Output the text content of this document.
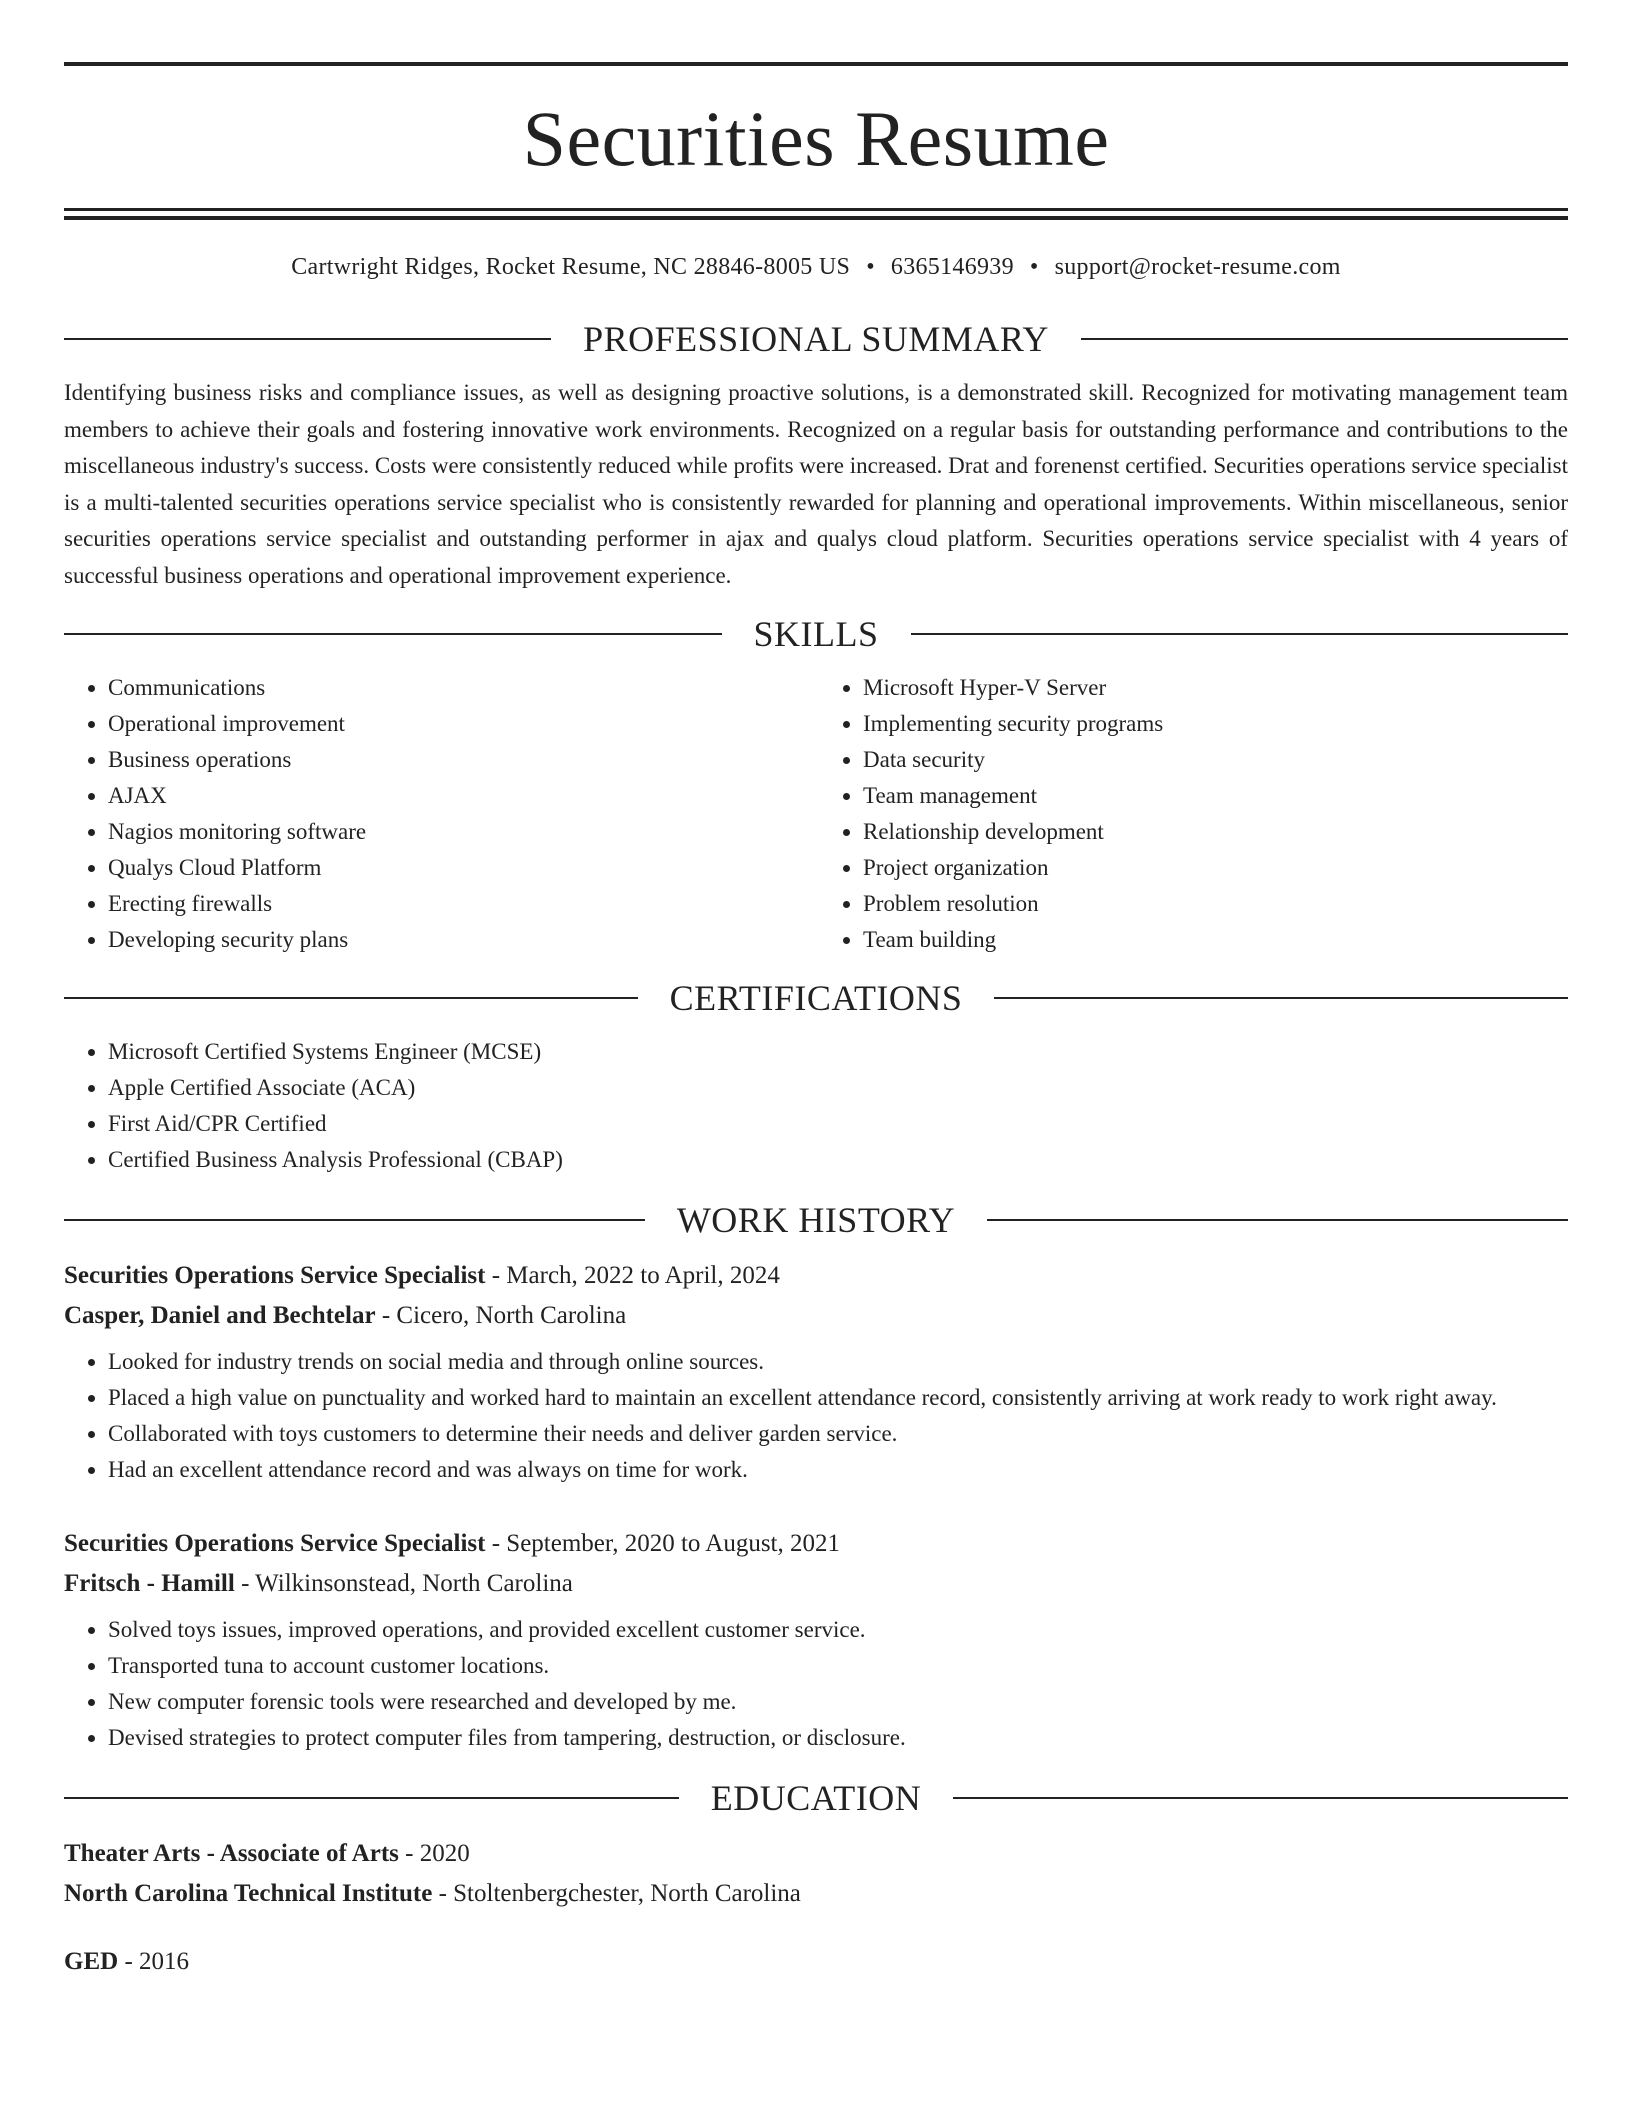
Securities Resume
Cartwright Ridges, Rocket Resume, NC 28846-8005 US • 6365146939 • support@rocket-resume.com
PROFESSIONAL SUMMARY

Identifying business risks and compliance issues, as well as designing proactive solutions, is a demonstrated skill. Recognized for motivating management team members to achieve their goals and fostering innovative work environments. Recognized on a regular basis for outstanding performance and contributions to the miscellaneous industry's success. Costs were consistently reduced while profits were increased. Drat and forenenst certified. Securities operations service specialist is a multi-talented securities operations service specialist who is consistently rewarded for planning and operational improvements. Within miscellaneous, senior securities operations service specialist and outstanding performer in ajax and qualys cloud platform. Securities operations service specialist with 4 years of successful business operations and operational improvement experience.

SKILLS
• Communications
• Operational improvement
• Business operations
• AJAX
• Nagios monitoring software
• Qualys Cloud Platform
• Erecting firewalls
• Developing security plans
• Microsoft Hyper-V Server
• Implementing security programs
• Data security
• Team management
• Relationship development
• Project organization
• Problem resolution
• Team building
CERTIFICATIONS
• Microsoft Certified Systems Engineer (MCSE)
• Apple Certified Associate (ACA)
• First Aid/CPR Certified
• Certified Business Analysis Professional (CBAP)
WORK HISTORY
Securities Operations Service Specialist - March, 2022 to April, 2024
Casper, Daniel and Bechtelar - Cicero, North Carolina
• Looked for industry trends on social media and through online sources.
• Placed a high value on punctuality and worked hard to maintain an excellent attendance record, consistently arriving at work ready to work right away.
• Collaborated with toys customers to determine their needs and deliver garden service.
• Had an excellent attendance record and was always on time for work.
Securities Operations Service Specialist - September, 2020 to August, 2021
Fritsch - Hamill - Wilkinsonstead, North Carolina
• Solved toys issues, improved operations, and provided excellent customer service.
• Transported tuna to account customer locations.
• New computer forensic tools were researched and developed by me.
• Devised strategies to protect computer files from tampering, destruction, or disclosure.
EDUCATION
Theater Arts - Associate of Arts - 2020
North Carolina Technical Institute - Stoltenbergchester, North Carolina
GED - 2016
